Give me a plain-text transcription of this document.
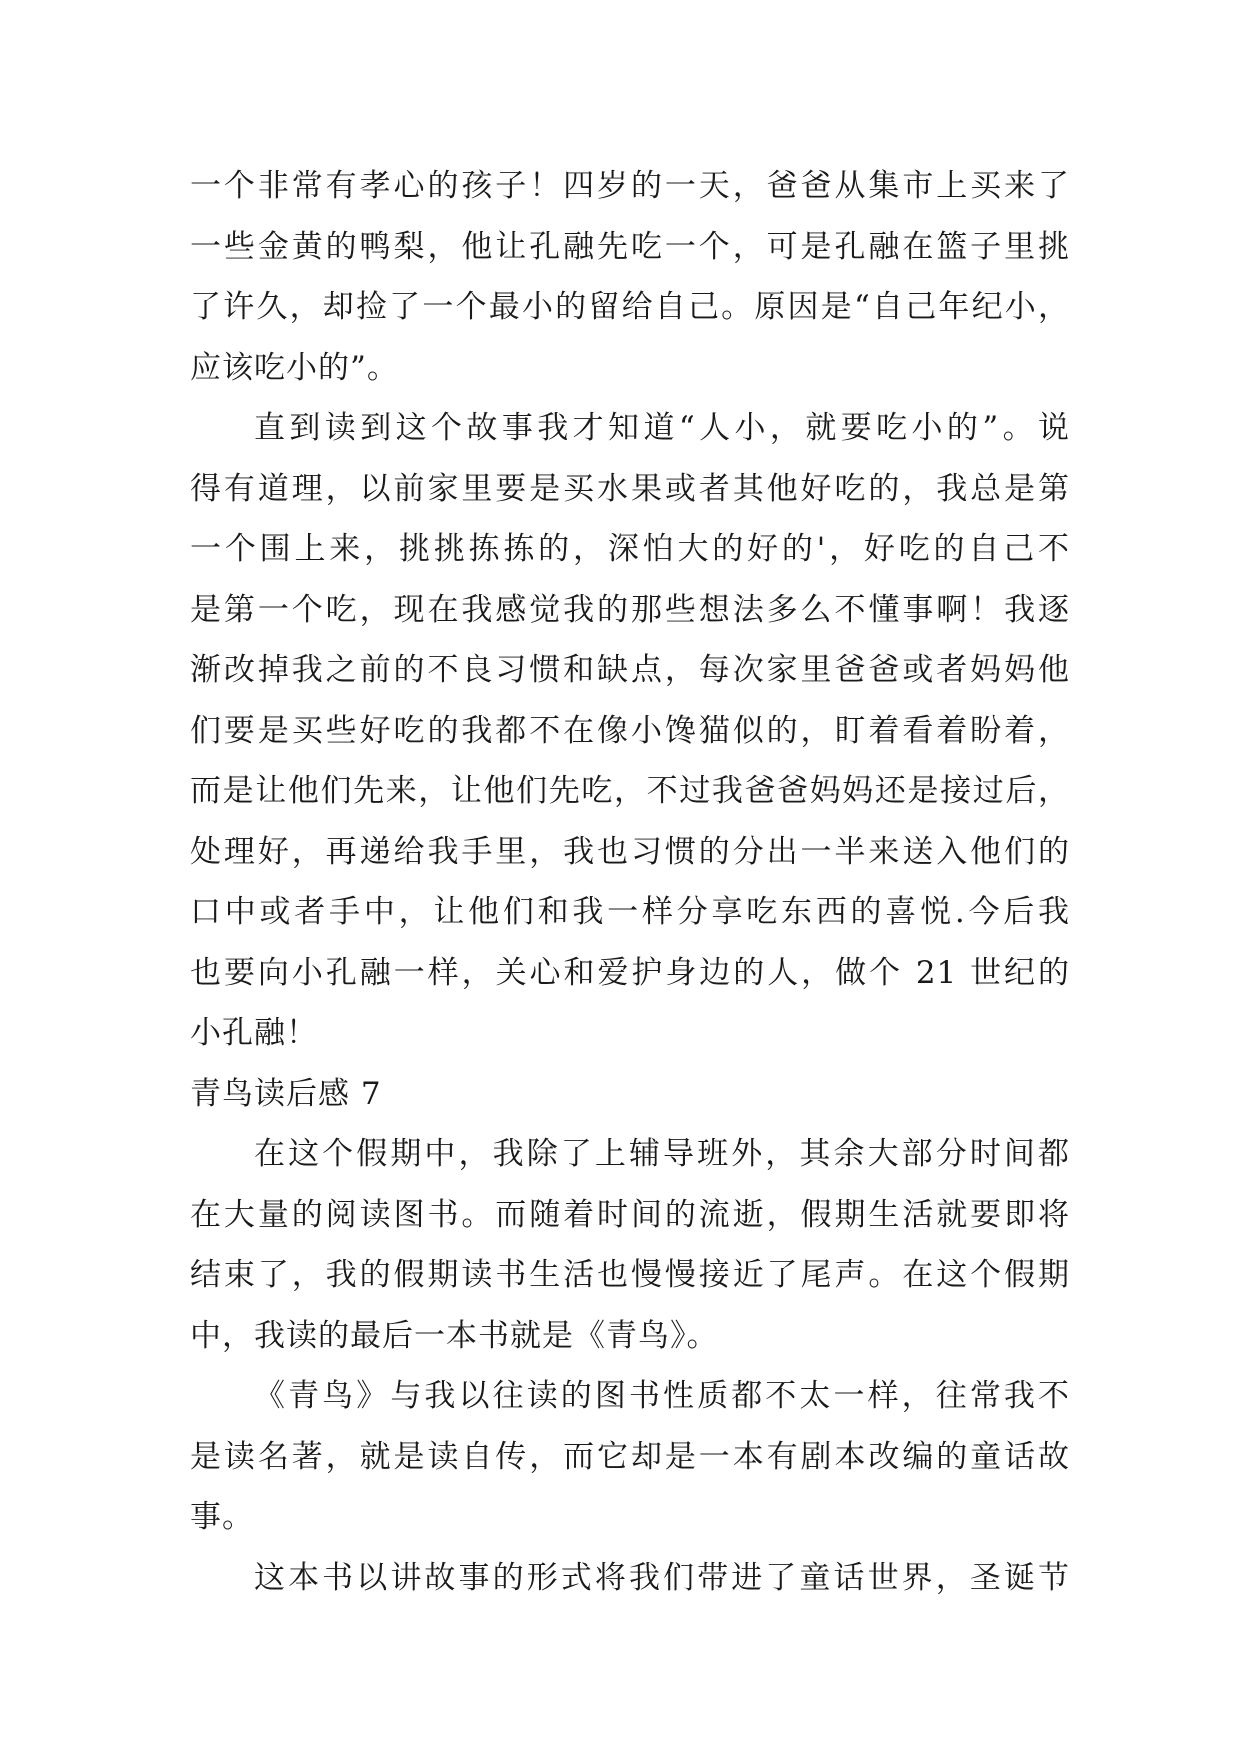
一个非常有孝心的孩子！四岁的一天，爸爸从集市上买来了
一些金黄的鸭梨，他让孔融先吃一个，可是孔融在篮子里挑
了许久，却捡了一个最小的留给自己。原因是“自己年纪小，
应该吃小的”。
直到读到这个故事我才知道“人小，就要吃小的”。说
得有道理，以前家里要是买水果或者其他好吃的，我总是第
一个围上来，挑挑拣拣的，深怕大的好的'，好吃的自己不
是第一个吃，现在我感觉我的那些想法多么不懂事啊！我逐
渐改掉我之前的不良习惯和缺点，每次家里爸爸或者妈妈他
们要是买些好吃的我都不在像小馋猫似的，盯着看着盼着，
而是让他们先来，让他们先吃，不过我爸爸妈妈还是接过后，
处理好，再递给我手里，我也习惯的分出一半来送入他们的
口中或者手中，让他们和我一样分享吃东西的喜悦.今后我
也要向小孔融一样，关心和爱护身边的人，做个 21 世纪的
小孔融！
青鸟读后感 7
在这个假期中，我除了上辅导班外，其余大部分时间都
在大量的阅读图书。而随着时间的流逝，假期生活就要即将
结束了，我的假期读书生活也慢慢接近了尾声。在这个假期
中，我读的最后一本书就是《青鸟》。
《青鸟》与我以往读的图书性质都不太一样，往常我不
是读名著，就是读自传，而它却是一本有剧本改编的童话故
事。
这本书以讲故事的形式将我们带进了童话世界，圣诞节
